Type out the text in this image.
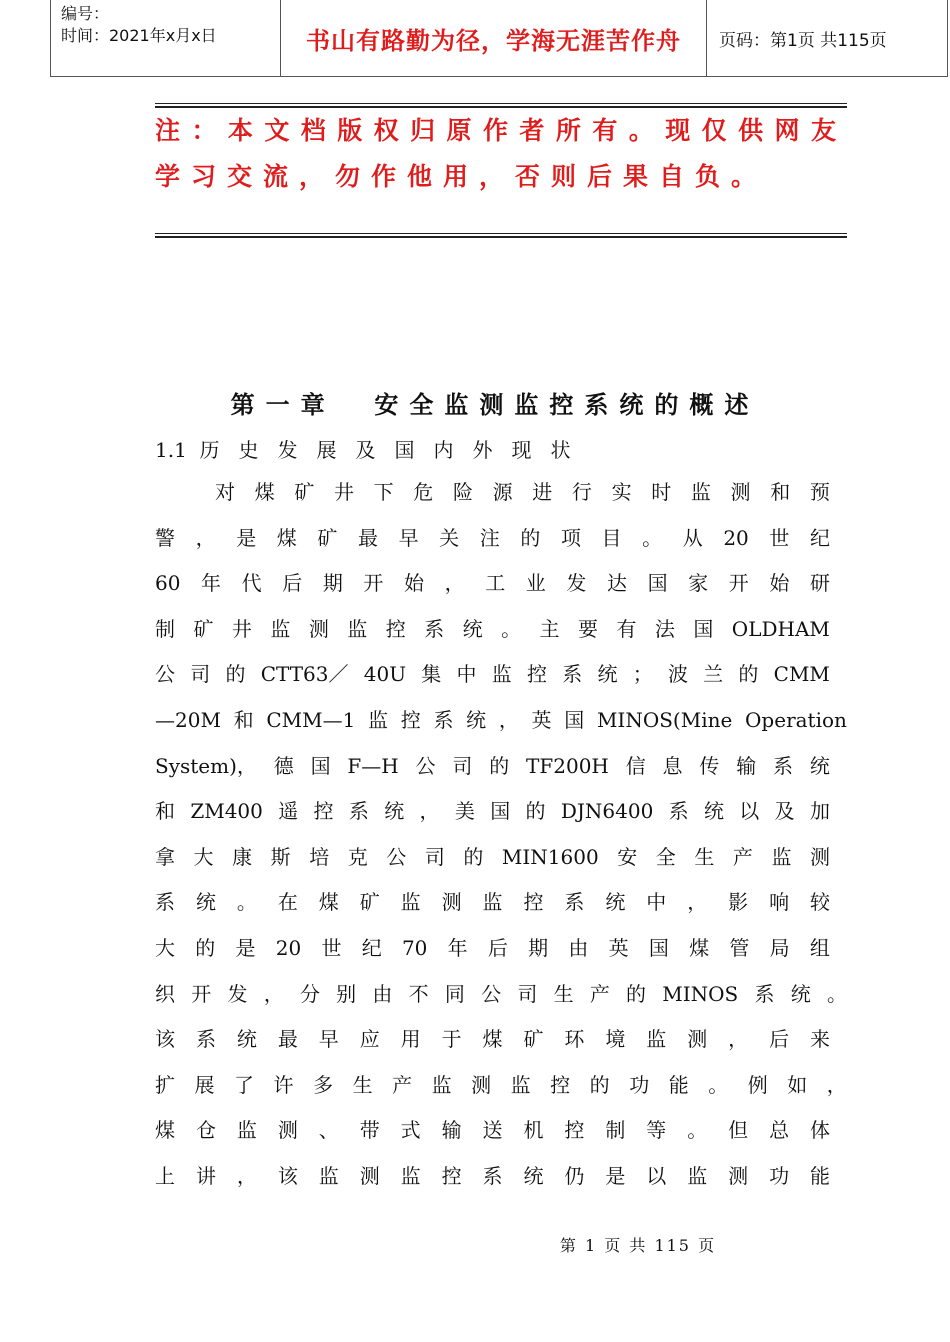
编号：
时间：2021年x月x日	书山有路勤为径，学海无涯苦作舟	页码：第1页 共115页
注：本文档版权归原作者所有。现仅供网友学习交流，勿作他用，否则后果自负。
第一章  安全监测监控系统的概述
1.1 历史发展及国内外现状
对 煤 矿 井 下 危 险 源 进 行 实 时 监 测 和 预
警 ， 是 煤 矿 最 早 关 注 的 项 目 。 从 20 世 纪
60 年 代 后 期 开 始 ， 工 业 发 达 国 家 开 始 研
制 矿 井 监 测 监 控 系 统 。 主 要 有 法 国 OLDHAM
公 司 的 CTT63／ 40U 集 中 监 控 系 统 ； 波 兰 的 CMM
—20M 和 CMM—1 监 控 系 统 ， 英 国 MINOS(Mine Operation
System)， 德 国 F—H 公 司 的 TF200H 信 息 传 输 系 统
和 ZM400 遥 控 系 统 ， 美 国 的 DJN6400 系 统 以 及 加
拿 大 康 斯 培 克 公 司 的 MIN1600 安 全 生 产 监 测
系 统 。 在 煤 矿 监 测 监 控 系 统 中 ， 影 响 较
大 的 是 20 世 纪 70 年 后 期 由 英 国 煤 管 局 组
织 开 发 ， 分 别 由 不 同 公 司 生 产 的 MINOS 系 统 。
该 系 统 最 早 应 用 于 煤 矿 环 境 监 测 ， 后 来
扩 展 了 许 多 生 产 监 测 监 控 的 功 能 。 例 如 ，
煤 仓 监 测 、 带 式 输 送 机 控 制 等 。 但 总 体
上 讲 ， 该 监 测 监 控 系 统 仍 是 以 监 测 功 能
第 1 页 共 115 页
